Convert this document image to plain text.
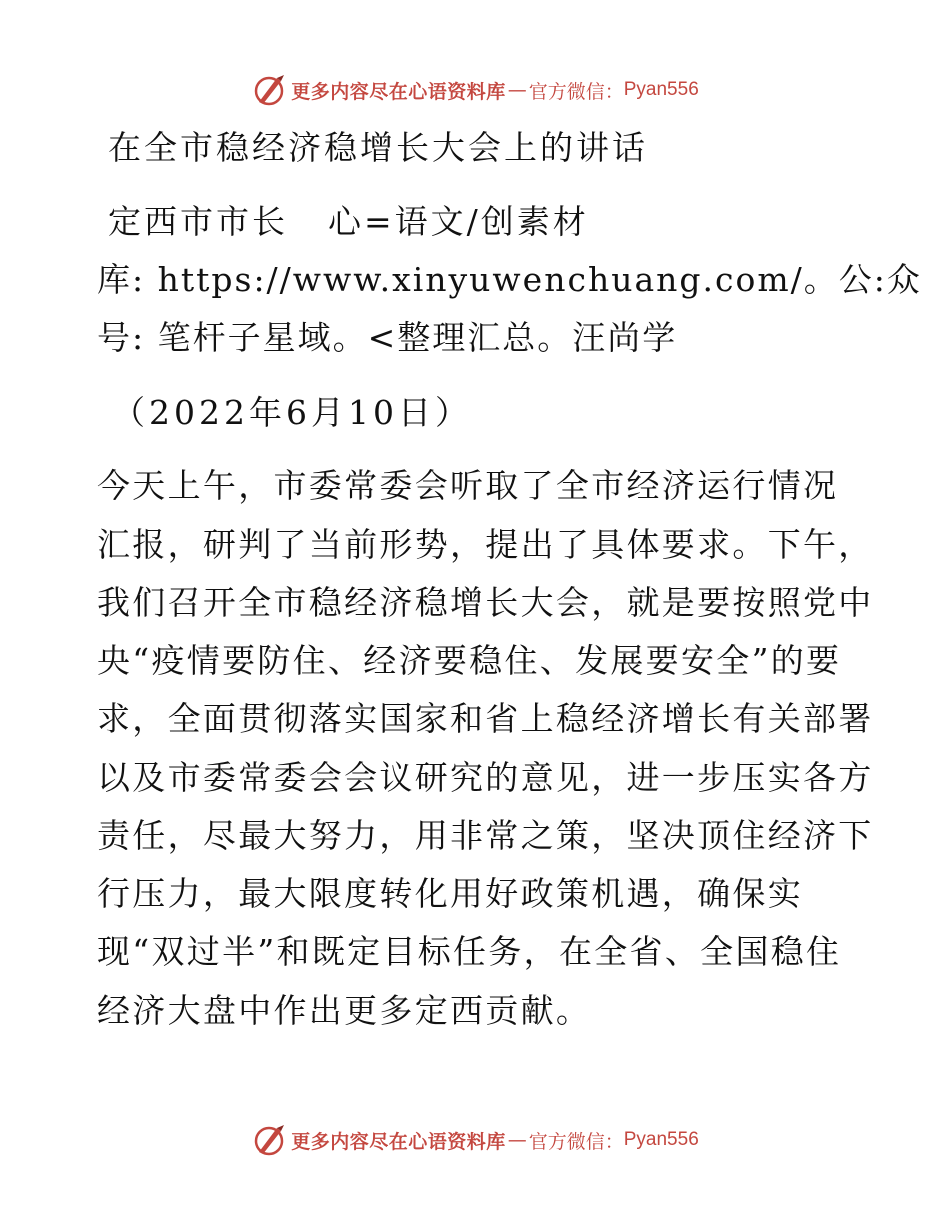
更多内容尽在心语资料库 — 官方微信： Pyan556
在全市稳经济稳增长大会上的讲话
定西市市长 心=语文/创素材
库: https://www.xinyuwenchuang.com/。公:众
号: 笔杆子星域。<整理汇总。汪尚学
（2022年6月10日）
今天上午，市委常委会听取了全市经济运行情况
汇报，研判了当前形势，提出了具体要求。下午，
我们召开全市稳经济稳增长大会，就是要按照党中
央“疫情要防住、经济要稳住、发展要安全”的要
求，全面贯彻落实国家和省上稳经济增长有关部署
以及市委常委会会议研究的意见，进一步压实各方
责任，尽最大努力，用非常之策，坚决顶住经济下
行压力，最大限度转化用好政策机遇，确保实
现“双过半”和既定目标任务，在全省、全国稳住
经济大盘中作出更多定西贡献。
更多内容尽在心语资料库 — 官方微信： Pyan556
